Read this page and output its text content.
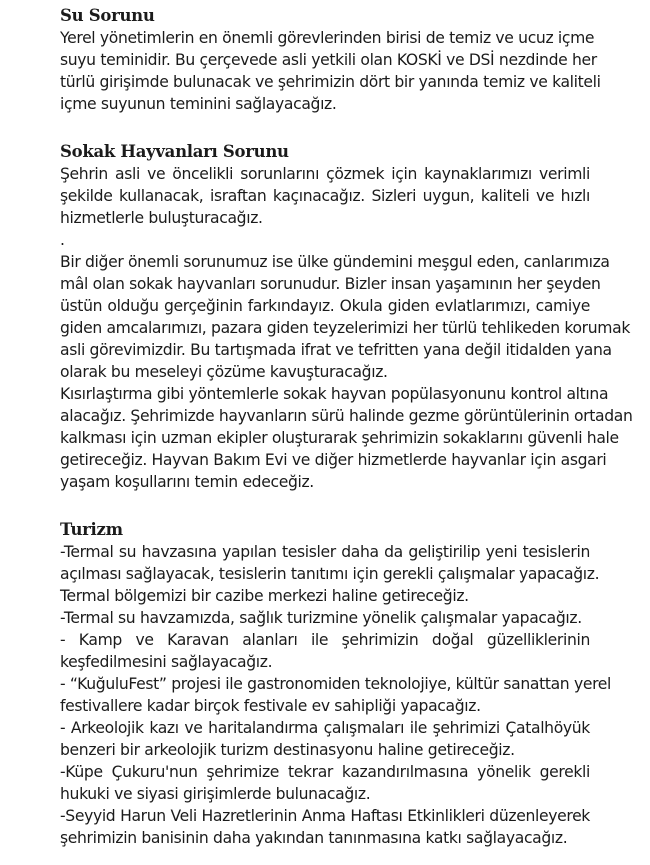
Su Sorunu
Yerel yönetimlerin en önemli görevlerinden birisi de temiz ve ucuz içme
suyu teminidir. Bu çerçevede asli yetkili olan KOSKİ ve DSİ nezdinde her
türlü girişimde bulunacak ve şehrimizin dört bir yanında temiz ve kaliteli
içme suyunun teminini sağlayacağız.
Sokak Hayvanları Sorunu
Şehrin asli ve öncelikli sorunlarını çözmek için kaynaklarımızı verimli
şekilde kullanacak, israftan kaçınacağız. Sizleri uygun, kaliteli ve hızlı
hizmetlerle buluşturacağız.
.
Bir diğer önemli sorunumuz ise ülke gündemini meşgul eden, canlarımıza
mâl olan sokak hayvanları sorunudur. Bizler insan yaşamının her şeyden
üstün olduğu gerçeğinin farkındayız. Okula giden evlatlarımızı, camiye
giden amcalarımızı, pazara giden teyzelerimizi her türlü tehlikeden korumak
asli görevimizdir. Bu tartışmada ifrat ve tefritten yana değil itidalden yana
olarak bu meseleyi çözüme kavuşturacağız.
Kısırlaştırma gibi yöntemlerle sokak hayvan popülasyonunu kontrol altına
alacağız. Şehrimizde hayvanların sürü halinde gezme görüntülerinin ortadan
kalkması için uzman ekipler oluşturarak şehrimizin sokaklarını güvenli hale
getireceğiz. Hayvan Bakım Evi ve diğer hizmetlerde hayvanlar için asgari
yaşam koşullarını temin edeceğiz.
Turizm
-Termal su havzasına yapılan tesisler daha da geliştirilip yeni tesislerin
açılması sağlayacak, tesislerin tanıtımı için gerekli çalışmalar yapacağız.
Termal bölgemizi bir cazibe merkezi haline getireceğiz.
-Termal su havzamızda, sağlık turizmine yönelik çalışmalar yapacağız.
- Kamp ve Karavan alanları ile şehrimizin doğal güzelliklerinin
keşfedilmesini sağlayacağız.
- “KuğuluFest” projesi ile gastronomiden teknolojiye, kültür sanattan yerel
festivallere kadar birçok festivale ev sahipliği yapacağız.
- Arkeolojik kazı ve haritalandırma çalışmaları ile şehrimizi Çatalhöyük
benzeri bir arkeolojik turizm destinasyonu haline getireceğiz.
-Küpe Çukuru'nun şehrimize tekrar kazandırılmasına yönelik gerekli
hukuki ve siyasi girişimlerde bulunacağız.
-Seyyid Harun Veli Hazretlerinin Anma Haftası Etkinlikleri düzenleyerek
şehrimizin banisinin daha yakından tanınmasına katkı sağlayacağız.
